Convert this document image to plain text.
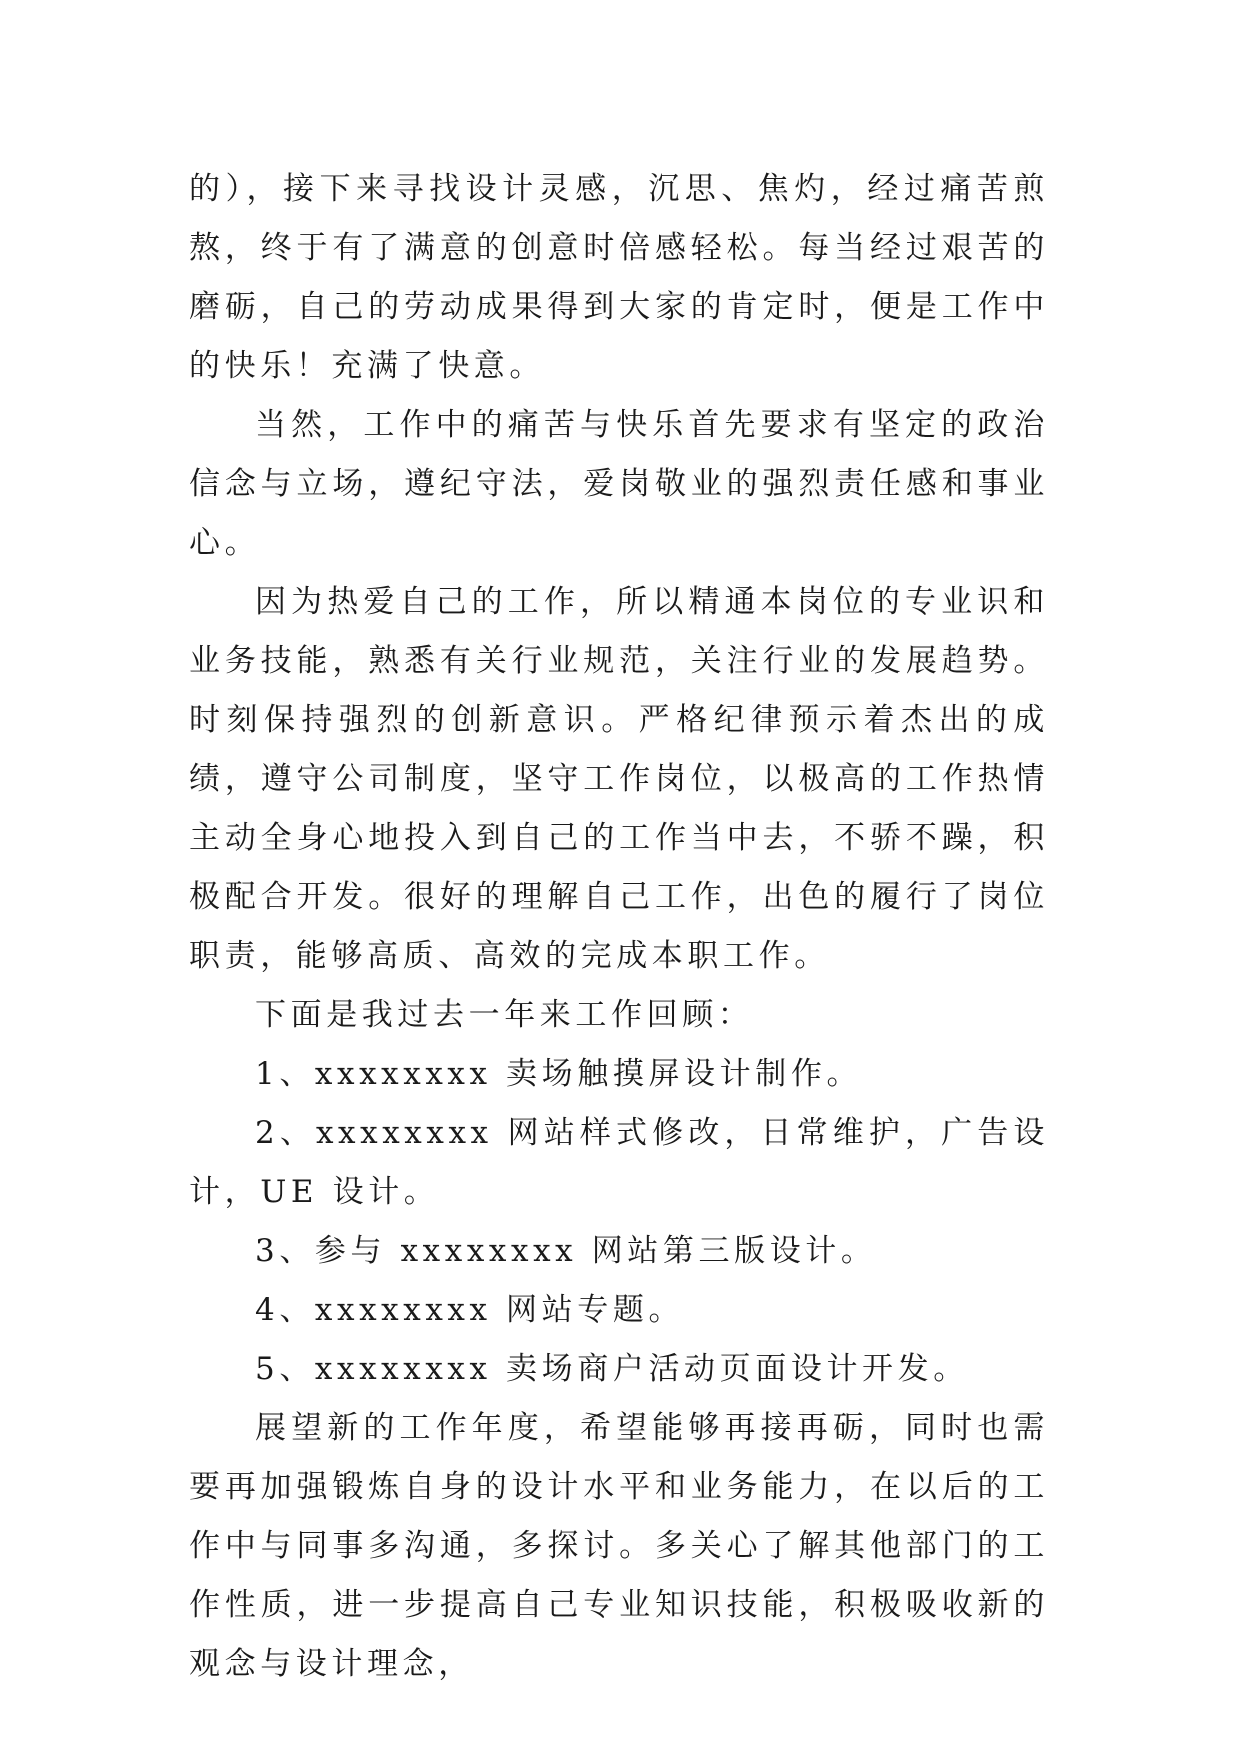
的），接下来寻找设计灵感，沉思、焦灼，经过痛苦煎熬，终于有了满意的创意时倍感轻松。每当经过艰苦的磨砺，自己的劳动成果得到大家的肯定时，便是工作中的快乐！充满了快意。

当然，工作中的痛苦与快乐首先要求有坚定的政治信念与立场，遵纪守法，爱岗敬业的强烈责任感和事业心。

因为热爱自己的工作，所以精通本岗位的专业识和业务技能，熟悉有关行业规范，关注行业的发展趋势。时刻保持强烈的创新意识。严格纪律预示着杰出的成绩，遵守公司制度，坚守工作岗位，以极高的工作热情主动全身心地投入到自己的工作当中去，不骄不躁，积极配合开发。很好的理解自己工作，出色的履行了岗位职责，能够高质、高效的完成本职工作。

下面是我过去一年来工作回顾：

1、xxxxxxxx 卖场触摸屏设计制作。

2、xxxxxxxx 网站样式修改，日常维护，广告设计，UE 设计。

3、参与 xxxxxxxx 网站第三版设计。

4、xxxxxxxx 网站专题。

5、xxxxxxxx 卖场商户活动页面设计开发。

展望新的工作年度，希望能够再接再砺，同时也需要再加强锻炼自身的设计水平和业务能力，在以后的工作中与同事多沟通，多探讨。多关心了解其他部门的工作性质，进一步提高自己专业知识技能，积极吸收新的观念与设计理念，
